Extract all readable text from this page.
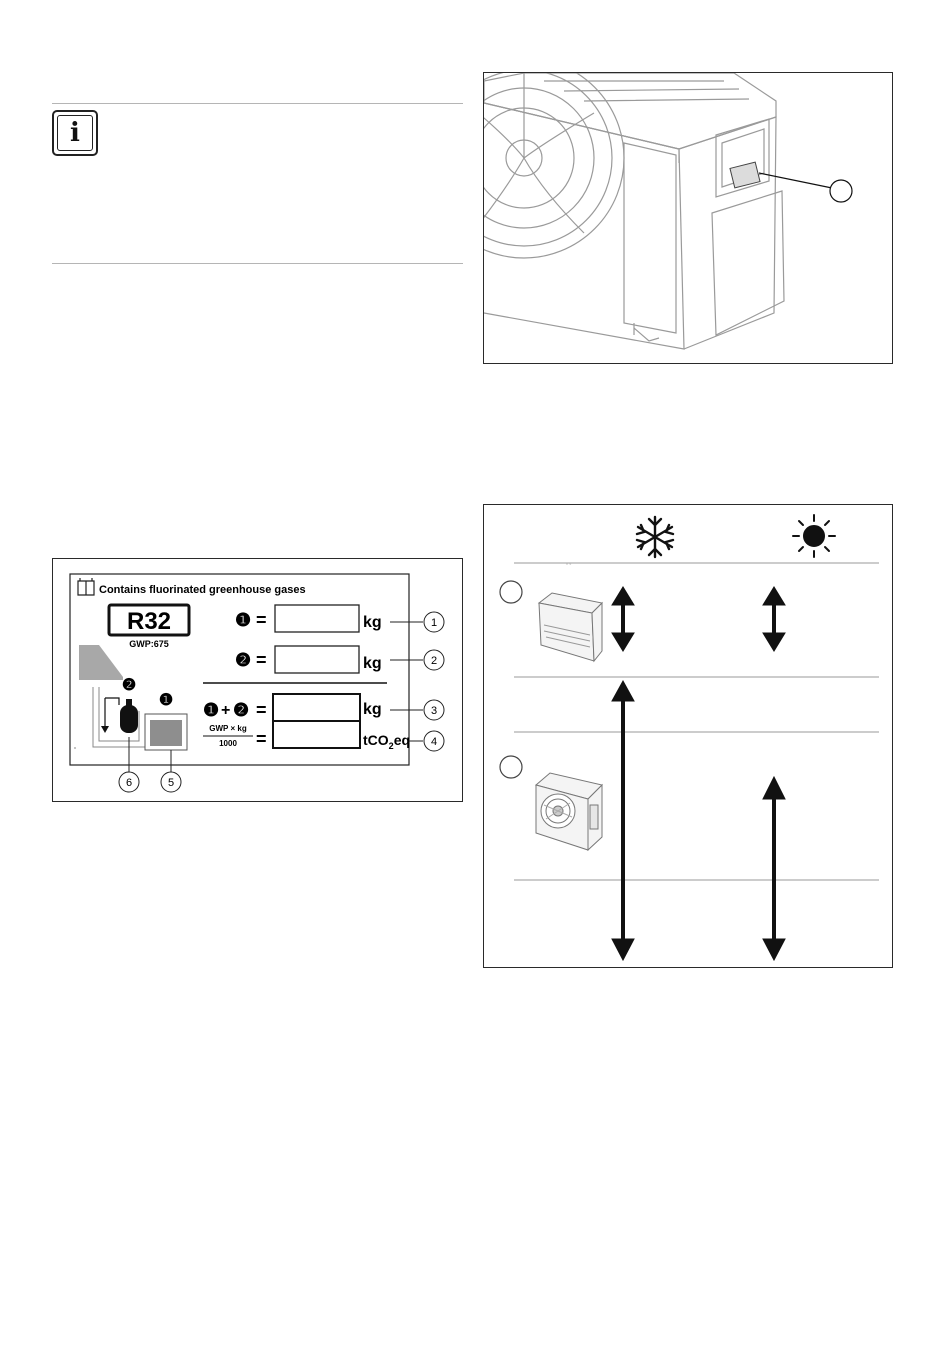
i
Contains fluorinated greenhouse gases
R32
GWP:675
❶ =	kg	1
❷ =	kg	2
❶ + ❷ =	kg	3
GWP × kg
1000 =	tCO$_2$eq 4
❷
❶
6	5
° °
